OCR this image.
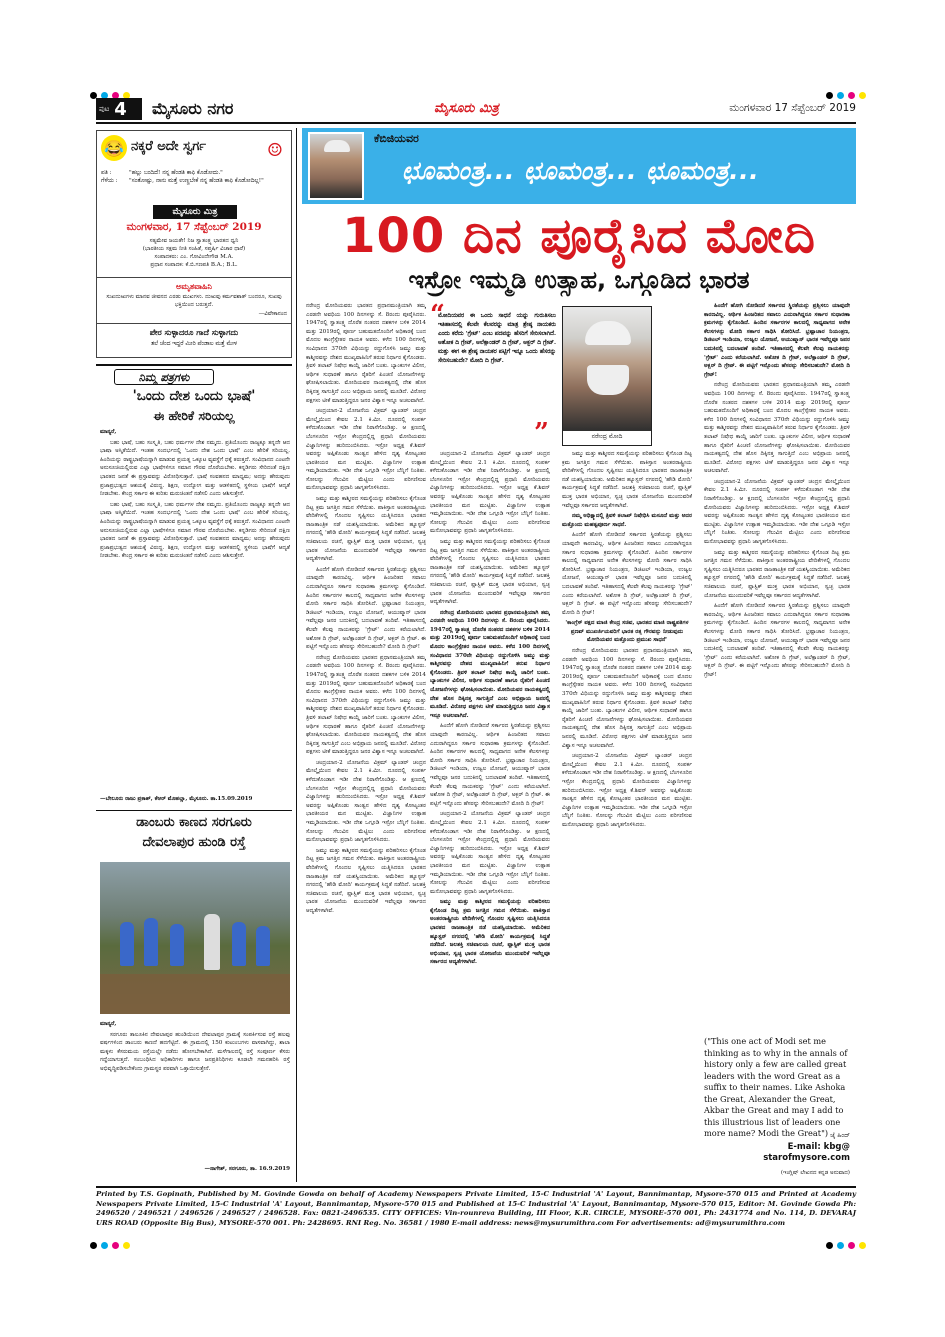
ಪುಟ 4 ಮೈಸೂರು ನಗರ	ಮೈಸೂರು ಮಿತ್ರ	ಮಂಗಳವಾರ 17 ಸೆಪ್ಟೆಂಬರ್ 2019
😂 ನಕ್ಕರೆ ಅದೇ ಸ್ವರ್ಗ	☺
ಪತಿ :	"ಹಲ್ಲು ಬಂದಿದೆ! ನನ್ನ ಹೆಂಡತಿ ಕಾಫಿ ಕೊಡೋದು."
ಗೆಳೆಯ :	"ಸಂತೋಷ್ಟು, ನಾನು ಮತ್ತೆ ಉಣ್ಣಬೇಕೆ ನನ್ನ ಹೆಂಡತಿ ಕಾಫಿ ಕೊಡೋದಿಲ್ಲ!"
ಮೈಸೂರು ಮಿತ್ರ
ಮಂಗಳವಾರ, 17 ಸೆಪ್ಟೆಂಬರ್ 2019
ಸತ್ಯಮೇವ ಜಯತೇ! ನಿಜ ಸ್ವಾತಂತ್ರ್ಯ ಭಾರತದ ಧ್ವನಿ
(ಭಾರತೀಯ ಸಕ್ಷಮ ನೀತಿ ಸಂಹಿತೆ, ಸಪ್ತರ್ಷಿ ವಿಚಾರ ಧಾರೆ)
ಸಂಪಾದಕರು: ಎಂ. ಗೋವಿಂದೇಗೌಡ M.A.
ಪ್ರಧಾನ ಸಂಪಾದಕ: ಕೆ.ಬಿ.ಗಣಪತಿ B.A.; B.L.
ಅಮೃತವಾಹಿನಿ
ಸುಖದುಃಖಗಳು ಮಾನವ ಜೀವನದ ಎರಡು ಮುಖಗಳು. ದುಃಖವು ಕರ್ಮವಶಾತ್ ಬಂದರೂ, ಸುಖವು ಭಕ್ತಿಯಿಂದ ಬರುತ್ತದೆ.
—ವಿವೇಕಾನಂದ
ಪೇರ ಸುಳ್ಳಾದರೂ ಗಾದೆ ಸುಳ್ಳಾಗದು
ತಲೆ ಚೆಂದ ಇದ್ದರೆ ಮೀರಿ ಪೆಂಡಾಲ ಮತ್ತೆ ಮೇಳ
ನಿಮ್ಮ ಪತ್ರಗಳು
'ಒಂದು ದೇಶ ಒಂದು ಭಾಷೆ'
ಈ ಹೇರಿಕೆ ಸರಿಯಲ್ಲ

ಮಾನ್ಯರೆ,

ಬಹು ಭಾಷೆ, ಬಹು ಸಂಸ್ಕೃತಿ, ಬಹು ಧರ್ಮಗಳ ದೇಶ ನಮ್ಮದು. ಪ್ರತಿಯೊಂದು ರಾಜ್ಯಕ್ಕೂ ತನ್ನದೇ ಆದ ಭಾಷಾ ಅಸ್ಮಿತೆಯಿದೆ. ಇಂತಹ ಸಂದರ್ಭದಲ್ಲಿ 'ಒಂದು ದೇಶ ಒಂದು ಭಾಷೆ' ಎಂಬ ಹೇರಿಕೆ ಸರಿಯಲ್ಲ. ಹಿಂದಿಯನ್ನು ರಾಷ್ಟ್ರಭಾಷೆಯನ್ನಾಗಿ ಮಾಡುವ ಪ್ರಯತ್ನ ಒಕ್ಕೂಟ ವ್ಯವಸ್ಥೆಗೆ ಧಕ್ಕೆ ತರುತ್ತದೆ. ಸಂವಿಧಾನದ ಎಂಟನೇ ಅನುಸೂಚಿಯಲ್ಲಿರುವ ಎಲ್ಲಾ ಭಾಷೆಗಳಿಗೂ ಸಮಾನ ಗೌರವ ದೊರೆಯಬೇಕು. ಕನ್ನಡಿಗರು ಸೇರಿದಂತೆ ದಕ್ಷಿಣ ಭಾರತದ ಜನತೆ ಈ ಪ್ರಸ್ತಾವವನ್ನು ವಿರೋಧಿಸುತ್ತಾರೆ. ಭಾಷೆ ಸಂವಹನದ ಮಾಧ್ಯಮ; ಅದನ್ನು ಹೇರುವುದು ಪ್ರಜಾಪ್ರಭುತ್ವದ ಆಶಯಕ್ಕೆ ವಿರುದ್ಧ. ಶಿಕ್ಷಣ, ಉದ್ಯೋಗ ಮತ್ತು ಆಡಳಿತದಲ್ಲಿ ಸ್ಥಳೀಯ ಭಾಷೆಗೆ ಆದ್ಯತೆ ನೀಡಬೇಕು. ಕೇಂದ್ರ ಸರ್ಕಾರ ಈ ಕುರಿತು ಮರುಚಿಂತನೆ ನಡೆಸಲಿ ಎಂದು ಆಶಿಸುತ್ತೇನೆ.

ಬಹು ಭಾಷೆ, ಬಹು ಸಂಸ್ಕೃತಿ, ಬಹು ಧರ್ಮಗಳ ದೇಶ ನಮ್ಮದು. ಪ್ರತಿಯೊಂದು ರಾಜ್ಯಕ್ಕೂ ತನ್ನದೇ ಆದ ಭಾಷಾ ಅಸ್ಮಿತೆಯಿದೆ. ಇಂತಹ ಸಂದರ್ಭದಲ್ಲಿ 'ಒಂದು ದೇಶ ಒಂದು ಭಾಷೆ' ಎಂಬ ಹೇರಿಕೆ ಸರಿಯಲ್ಲ. ಹಿಂದಿಯನ್ನು ರಾಷ್ಟ್ರಭಾಷೆಯನ್ನಾಗಿ ಮಾಡುವ ಪ್ರಯತ್ನ ಒಕ್ಕೂಟ ವ್ಯವಸ್ಥೆಗೆ ಧಕ್ಕೆ ತರುತ್ತದೆ. ಸಂವಿಧಾನದ ಎಂಟನೇ ಅನುಸೂಚಿಯಲ್ಲಿರುವ ಎಲ್ಲಾ ಭಾಷೆಗಳಿಗೂ ಸಮಾನ ಗೌರವ ದೊರೆಯಬೇಕು. ಕನ್ನಡಿಗರು ಸೇರಿದಂತೆ ದಕ್ಷಿಣ ಭಾರತದ ಜನತೆ ಈ ಪ್ರಸ್ತಾವವನ್ನು ವಿರೋಧಿಸುತ್ತಾರೆ. ಭಾಷೆ ಸಂವಹನದ ಮಾಧ್ಯಮ; ಅದನ್ನು ಹೇರುವುದು ಪ್ರಜಾಪ್ರಭುತ್ವದ ಆಶಯಕ್ಕೆ ವಿರುದ್ಧ. ಶಿಕ್ಷಣ, ಉದ್ಯೋಗ ಮತ್ತು ಆಡಳಿತದಲ್ಲಿ ಸ್ಥಳೀಯ ಭಾಷೆಗೆ ಆದ್ಯತೆ ನೀಡಬೇಕು. ಕೇಂದ್ರ ಸರ್ಕಾರ ಈ ಕುರಿತು ಮರುಚಿಂತನೆ ನಡೆಸಲಿ ಎಂದು ಆಶಿಸುತ್ತೇನೆ.

—ಬೇಲೂರು ರಾಜು ಪ್ರಕಾಶ್, ಕೆಆರ್ ಮೊಹಲ್ಲಾ, ಮೈಸೂರು. ತಾ.15.09.2019
ಡಾಂಬರು ಕಾಣದ ಸರಗೂರು
ದೇವಲಾಪುರ ಹುಂಡಿ ರಸ್ತೆ

ಮಾನ್ಯರೆ,

ಸರಗೂರು ತಾಲೂಕಿನ ದೇವಲಾಪುರ ಹುಂಡಿಯಿಂದ ದೇವಲಾಪುರ ಗ್ರಾಮಕ್ಕೆ ಸಂಪರ್ಕಿಸುವ ರಸ್ತೆ ಹಲವು ವರ್ಷಗಳಿಂದ ಡಾಂಬರು ಕಾಣದೆ ಹದಗೆಟ್ಟಿದೆ. ಈ ಗ್ರಾಮದಲ್ಲಿ 150 ಕುಟುಂಬಗಳು ವಾಸವಾಗಿದ್ದು, ಶಾಲಾ ಮಕ್ಕಳು ಕೆಸರುಮಯ ರಸ್ತೆಯಲ್ಲೇ ನಡೆದು ಹೋಗಬೇಕಾಗಿದೆ. ಮಳೆಗಾಲದಲ್ಲಿ ರಸ್ತೆ ಸಂಪೂರ್ಣ ಕೆಸರು ಗದ್ದೆಯಾಗುತ್ತದೆ. ಸಂಬಂಧಿಸಿದ ಅಧಿಕಾರಿಗಳು ಹಾಗೂ ಜನಪ್ರತಿನಿಧಿಗಳು ಕೂಡಲೇ ಗಮನಹರಿಸಿ ರಸ್ತೆ ಅಭಿವೃದ್ಧಿಪಡಿಸಬೇಕೆಂದು ಗ್ರಾಮಸ್ಥರ ಪರವಾಗಿ ಒತ್ತಾಯಿಸುತ್ತೇನೆ.

—ನಾಗೇಶ್, ಸರಗೂರು, ತಾ. 16.9.2019
ಕೆಬಿಜಿಯವರ
ಛೂಮಂತ್ರ... ಛೂಮಂತ್ರ... ಛೂಮಂತ್ರ...
100 ದಿನ ಪೂರೈಸಿದ ಮೋದಿ
ಇಸ್ರೋ ಇಮ್ಮಡಿ ಉತ್ಸಾಹ, ಒಗ್ಗೂಡಿದ ಭಾರತ

ನರೇಂದ್ರ ಮೋದಿಯವರು ಭಾರತದ ಪ್ರಧಾನಮಂತ್ರಿಯಾಗಿ ತಮ್ಮ ಎರಡನೇ ಅವಧಿಯ 100 ದಿನಗಳನ್ನು ಸೆ. 8ರಂದು ಪೂರೈಸಿದರು. 1947ರಲ್ಲಿ ಸ್ವಾತಂತ್ರ್ಯ ದೊರೆತ ನಂತರದ ದಶಕಗಳ ಬಳಿಕ 2014 ಮತ್ತು 2019ರಲ್ಲಿ ಪೂರ್ಣ ಬಹುಮತದೊಂದಿಗೆ ಅಧಿಕಾರಕ್ಕೆ ಬಂದ ಮೊದಲ ಕಾಂಗ್ರೆಸ್ಸೇತರ ನಾಯಕ ಅವರು. ಕಳೆದ 100 ದಿನಗಳಲ್ಲಿ ಸಂವಿಧಾನದ 370ನೇ ವಿಧಿಯನ್ನು ರದ್ದುಗೊಳಿಸಿ ಜಮ್ಮು ಮತ್ತು ಕಾಶ್ಮೀರವನ್ನು ದೇಶದ ಮುಖ್ಯವಾಹಿನಿಗೆ ತರುವ ನಿರ್ಧಾರ ಕೈಗೊಂಡರು. ತ್ರಿವಳಿ ತಲಾಖ್ ನಿಷೇಧ ಕಾಯ್ದೆ ಜಾರಿಗೆ ಬಂತು. ಬ್ಯಾಂಕುಗಳ ವಿಲೀನ, ಆರ್ಥಿಕ ಸುಧಾರಣೆ ಹಾಗೂ ರೈತರಿಗೆ ಪಿಂಚಣಿ ಯೋಜನೆಗಳನ್ನು ಘೋಷಿಸಲಾಯಿತು. ಮೋದಿಯವರ ನಾಯಕತ್ವದಲ್ಲಿ ದೇಶ ಹೊಸ ದಿಕ್ಕಿನತ್ತ ಸಾಗುತ್ತಿದೆ ಎಂಬ ಅಭಿಪ್ರಾಯ ಜನರಲ್ಲಿ ಮೂಡಿದೆ. ವಿರೋಧ ಪಕ್ಷಗಳು ಟೀಕೆ ಮಾಡುತ್ತಿದ್ದರೂ ಜನರ ವಿಶ್ವಾಸ ಇನ್ನೂ ಅಚಲವಾಗಿದೆ.

ಚಂದ್ರಯಾನ-2 ಯೋಜನೆಯ ವಿಕ್ರಮ್ ಲ್ಯಾಂಡರ್ ಚಂದ್ರನ ಮೇಲ್ಮೈಯಿಂದ ಕೇವಲ 2.1 ಕಿ.ಮೀ. ದೂರದಲ್ಲಿ ಸಂಪರ್ಕ ಕಳೆದುಕೊಂಡಾಗ ಇಡೀ ದೇಶ ನಿರಾಸೆಗೊಂಡಿತ್ತು. ಆ ಕ್ಷಣದಲ್ಲಿ ಬೆಂಗಳೂರಿನ ಇಸ್ರೋ ಕೇಂದ್ರದಲ್ಲಿದ್ದ ಪ್ರಧಾನಿ ಮೋದಿಯವರು ವಿಜ್ಞಾನಿಗಳನ್ನು ಹುರಿದುಂಬಿಸಿದರು. ಇಸ್ರೋ ಅಧ್ಯಕ್ಷ ಕೆ.ಶಿವನ್ ಅವರನ್ನು ಅಪ್ಪಿಕೊಂಡು ಸಾಂತ್ವನ ಹೇಳಿದ ದೃಶ್ಯ ಕೋಟ್ಯಂತರ ಭಾರತೀಯರ ಮನ ಮುಟ್ಟಿತು. ವಿಜ್ಞಾನಿಗಳ ಉತ್ಸಾಹ ಇಮ್ಮಡಿಯಾಯಿತು. ಇಡೀ ದೇಶ ಒಗ್ಗೂಡಿ ಇಸ್ರೋ ಬೆನ್ನಿಗೆ ನಿಂತಿತು. ಸೋಲನ್ನು ಗೆಲುವಿನ ಮೆಟ್ಟಿಲು ಎಂದು ಪರಿಗಣಿಸುವ ಮನೋಭಾವವನ್ನು ಪ್ರಧಾನಿ ಜಾಗೃತಗೊಳಿಸಿದರು.

ಜಮ್ಮು ಮತ್ತು ಕಾಶ್ಮೀರದ ಸಮಸ್ಯೆಯನ್ನು ಪರಿಹರಿಸಲು ಕೈಗೊಂಡ ದಿಟ್ಟ ಕ್ರಮ ಜಗತ್ತಿನ ಗಮನ ಸೆಳೆಯಿತು. ಪಾಕಿಸ್ತಾನ ಅಂತರರಾಷ್ಟ್ರೀಯ ವೇದಿಕೆಗಳಲ್ಲಿ ಗೊಂದಲ ಸೃಷ್ಟಿಸಲು ಯತ್ನಿಸಿದರೂ ಭಾರತದ ರಾಜತಾಂತ್ರಿಕ ನಡೆ ಯಶಸ್ವಿಯಾಯಿತು. ಅಮೆರಿಕದ ಹ್ಯೂಸ್ಟನ್ ನಗರದಲ್ಲಿ 'ಹೌಡಿ ಮೋದಿ' ಕಾರ್ಯಕ್ರಮಕ್ಕೆ ಸಿದ್ಧತೆ ನಡೆದಿದೆ. ಜಲಶಕ್ತಿ ಸಚಿವಾಲಯ ರಚನೆ, ಪ್ಲಾಸ್ಟಿಕ್ ಮುಕ್ತ ಭಾರತ ಅಭಿಯಾನ, ಸ್ವಚ್ಛ ಭಾರತ ಯೋಜನೆಯ ಮುಂದುವರಿಕೆ ಇವೆಲ್ಲವೂ ಸರ್ಕಾರದ ಆದ್ಯತೆಗಳಾಗಿವೆ.

ಹಿಂದೆಗೆ ಹೋಗಿ ನೋಡಿದರೆ ಸರ್ಕಾರದ ಸ್ಥಿರತೆಯನ್ನು ಪ್ರಶ್ನಿಸಲು ಯಾವುದೇ ಕಾರಣವಿಲ್ಲ. ಆರ್ಥಿಕ ಹಿಂಜರಿತದ ಸವಾಲು ಎದುರಾಗಿದ್ದರೂ ಸರ್ಕಾರ ಸುಧಾರಣಾ ಕ್ರಮಗಳನ್ನು ಕೈಗೊಂಡಿದೆ. ಹಿಂದಿನ ಸರ್ಕಾರಗಳ ಕಾಲದಲ್ಲಿ ಸಾಧ್ಯವಾಗದ ಅನೇಕ ಕೆಲಸಗಳನ್ನು ಮೋದಿ ಸರ್ಕಾರ ಸಾಧಿಸಿ ತೋರಿಸಿದೆ. ಭ್ರಷ್ಟಾಚಾರ ನಿಯಂತ್ರಣ, ಡಿಜಿಟಲ್ ಇಂಡಿಯಾ, ಉಜ್ವಲ ಯೋಜನೆ, ಆಯುಷ್ಮಾನ್ ಭಾರತ ಇವೆಲ್ಲವೂ ಜನರ ಬದುಕಿನಲ್ಲಿ ಬದಲಾವಣೆ ತಂದಿವೆ. ಇತಿಹಾಸದಲ್ಲಿ ಕೆಲವೇ ಕೆಲವು ನಾಯಕರನ್ನು 'ಗ್ರೇಟ್' ಎಂದು ಕರೆಯಲಾಗಿದೆ. ಅಶೋಕ ದಿ ಗ್ರೇಟ್, ಅಲೆಕ್ಸಾಂಡರ್ ದಿ ಗ್ರೇಟ್, ಅಕ್ಬರ್ ದಿ ಗ್ರೇಟ್. ಈ ಪಟ್ಟಿಗೆ ಇನ್ನೊಂದು ಹೆಸರನ್ನು ಸೇರಿಸಬಹುದೇ? ಮೋದಿ ದಿ ಗ್ರೇಟ್!

ನರೇಂದ್ರ ಮೋದಿಯವರು ಭಾರತದ ಪ್ರಧಾನಮಂತ್ರಿಯಾಗಿ ತಮ್ಮ ಎರಡನೇ ಅವಧಿಯ 100 ದಿನಗಳನ್ನು ಸೆ. 8ರಂದು ಪೂರೈಸಿದರು. 1947ರಲ್ಲಿ ಸ್ವಾತಂತ್ರ್ಯ ದೊರೆತ ನಂತರದ ದಶಕಗಳ ಬಳಿಕ 2014 ಮತ್ತು 2019ರಲ್ಲಿ ಪೂರ್ಣ ಬಹುಮತದೊಂದಿಗೆ ಅಧಿಕಾರಕ್ಕೆ ಬಂದ ಮೊದಲ ಕಾಂಗ್ರೆಸ್ಸೇತರ ನಾಯಕ ಅವರು. ಕಳೆದ 100 ದಿನಗಳಲ್ಲಿ ಸಂವಿಧಾನದ 370ನೇ ವಿಧಿಯನ್ನು ರದ್ದುಗೊಳಿಸಿ ಜಮ್ಮು ಮತ್ತು ಕಾಶ್ಮೀರವನ್ನು ದೇಶದ ಮುಖ್ಯವಾಹಿನಿಗೆ ತರುವ ನಿರ್ಧಾರ ಕೈಗೊಂಡರು. ತ್ರಿವಳಿ ತಲಾಖ್ ನಿಷೇಧ ಕಾಯ್ದೆ ಜಾರಿಗೆ ಬಂತು. ಬ್ಯಾಂಕುಗಳ ವಿಲೀನ, ಆರ್ಥಿಕ ಸುಧಾರಣೆ ಹಾಗೂ ರೈತರಿಗೆ ಪಿಂಚಣಿ ಯೋಜನೆಗಳನ್ನು ಘೋಷಿಸಲಾಯಿತು. ಮೋದಿಯವರ ನಾಯಕತ್ವದಲ್ಲಿ ದೇಶ ಹೊಸ ದಿಕ್ಕಿನತ್ತ ಸಾಗುತ್ತಿದೆ ಎಂಬ ಅಭಿಪ್ರಾಯ ಜನರಲ್ಲಿ ಮೂಡಿದೆ. ವಿರೋಧ ಪಕ್ಷಗಳು ಟೀಕೆ ಮಾಡುತ್ತಿದ್ದರೂ ಜನರ ವಿಶ್ವಾಸ ಇನ್ನೂ ಅಚಲವಾಗಿದೆ.

ಚಂದ್ರಯಾನ-2 ಯೋಜನೆಯ ವಿಕ್ರಮ್ ಲ್ಯಾಂಡರ್ ಚಂದ್ರನ ಮೇಲ್ಮೈಯಿಂದ ಕೇವಲ 2.1 ಕಿ.ಮೀ. ದೂರದಲ್ಲಿ ಸಂಪರ್ಕ ಕಳೆದುಕೊಂಡಾಗ ಇಡೀ ದೇಶ ನಿರಾಸೆಗೊಂಡಿತ್ತು. ಆ ಕ್ಷಣದಲ್ಲಿ ಬೆಂಗಳೂರಿನ ಇಸ್ರೋ ಕೇಂದ್ರದಲ್ಲಿದ್ದ ಪ್ರಧಾನಿ ಮೋದಿಯವರು ವಿಜ್ಞಾನಿಗಳನ್ನು ಹುರಿದುಂಬಿಸಿದರು. ಇಸ್ರೋ ಅಧ್ಯಕ್ಷ ಕೆ.ಶಿವನ್ ಅವರನ್ನು ಅಪ್ಪಿಕೊಂಡು ಸಾಂತ್ವನ ಹೇಳಿದ ದೃಶ್ಯ ಕೋಟ್ಯಂತರ ಭಾರತೀಯರ ಮನ ಮುಟ್ಟಿತು. ವಿಜ್ಞಾನಿಗಳ ಉತ್ಸಾಹ ಇಮ್ಮಡಿಯಾಯಿತು. ಇಡೀ ದೇಶ ಒಗ್ಗೂಡಿ ಇಸ್ರೋ ಬೆನ್ನಿಗೆ ನಿಂತಿತು. ಸೋಲನ್ನು ಗೆಲುವಿನ ಮೆಟ್ಟಿಲು ಎಂದು ಪರಿಗಣಿಸುವ ಮನೋಭಾವವನ್ನು ಪ್ರಧಾನಿ ಜಾಗೃತಗೊಳಿಸಿದರು.

ಜಮ್ಮು ಮತ್ತು ಕಾಶ್ಮೀರದ ಸಮಸ್ಯೆಯನ್ನು ಪರಿಹರಿಸಲು ಕೈಗೊಂಡ ದಿಟ್ಟ ಕ್ರಮ ಜಗತ್ತಿನ ಗಮನ ಸೆಳೆಯಿತು. ಪಾಕಿಸ್ತಾನ ಅಂತರರಾಷ್ಟ್ರೀಯ ವೇದಿಕೆಗಳಲ್ಲಿ ಗೊಂದಲ ಸೃಷ್ಟಿಸಲು ಯತ್ನಿಸಿದರೂ ಭಾರತದ ರಾಜತಾಂತ್ರಿಕ ನಡೆ ಯಶಸ್ವಿಯಾಯಿತು. ಅಮೆರಿಕದ ಹ್ಯೂಸ್ಟನ್ ನಗರದಲ್ಲಿ 'ಹೌಡಿ ಮೋದಿ' ಕಾರ್ಯಕ್ರಮಕ್ಕೆ ಸಿದ್ಧತೆ ನಡೆದಿದೆ. ಜಲಶಕ್ತಿ ಸಚಿವಾಲಯ ರಚನೆ, ಪ್ಲಾಸ್ಟಿಕ್ ಮುಕ್ತ ಭಾರತ ಅಭಿಯಾನ, ಸ್ವಚ್ಛ ಭಾರತ ಯೋಜನೆಯ ಮುಂದುವರಿಕೆ ಇವೆಲ್ಲವೂ ಸರ್ಕಾರದ ಆದ್ಯತೆಗಳಾಗಿವೆ.

“
ಮೋದಿಯವರ ಈ ಒಂದು ಸಾಧನೆ ಯನ್ನು ಗುರುತಿಸಲು ಇತಿಹಾಸದಲ್ಲಿ ಕೆಲವೇ ಕೆಲವರನ್ನು ಮಾತ್ರ ಶ್ರೇಷ್ಠ ನಾಯಕರು ಎಂದು ಕರೆದು 'ಗ್ರೇಟ್' ಎಂಬ ಪದವನ್ನು ಹೆಸರಿಗೆ ಸೇರಿಸಲಾಗಿದೆ. ಅಶೋಕ ದಿ ಗ್ರೇಟ್, ಅಲೆಕ್ಸಾಂಡರ್ ದಿ ಗ್ರೇಟ್, ಅಕ್ಬರ್ ದಿ ಗ್ರೇಟ್. ಮತ್ತು ಈಗ ಈ ಶ್ರೇಷ್ಠ ನಾಯಕರ ಪಟ್ಟಿಗೆ ಇನ್ನೂ ಒಂದು ಹೆಸರನ್ನು ಸೇರಿಸಬಹುದೇ? ಮೋದಿ ದಿ ಗ್ರೇಟ್.
”	ನರೇಂದ್ರ ಮೋದಿ

ಚಂದ್ರಯಾನ-2 ಯೋಜನೆಯ ವಿಕ್ರಮ್ ಲ್ಯಾಂಡರ್ ಚಂದ್ರನ ಮೇಲ್ಮೈಯಿಂದ ಕೇವಲ 2.1 ಕಿ.ಮೀ. ದೂರದಲ್ಲಿ ಸಂಪರ್ಕ ಕಳೆದುಕೊಂಡಾಗ ಇಡೀ ದೇಶ ನಿರಾಸೆಗೊಂಡಿತ್ತು. ಆ ಕ್ಷಣದಲ್ಲಿ ಬೆಂಗಳೂರಿನ ಇಸ್ರೋ ಕೇಂದ್ರದಲ್ಲಿದ್ದ ಪ್ರಧಾನಿ ಮೋದಿಯವರು ವಿಜ್ಞಾನಿಗಳನ್ನು ಹುರಿದುಂಬಿಸಿದರು. ಇಸ್ರೋ ಅಧ್ಯಕ್ಷ ಕೆ.ಶಿವನ್ ಅವರನ್ನು ಅಪ್ಪಿಕೊಂಡು ಸಾಂತ್ವನ ಹೇಳಿದ ದೃಶ್ಯ ಕೋಟ್ಯಂತರ ಭಾರತೀಯರ ಮನ ಮುಟ್ಟಿತು. ವಿಜ್ಞಾನಿಗಳ ಉತ್ಸಾಹ ಇಮ್ಮಡಿಯಾಯಿತು. ಇಡೀ ದೇಶ ಒಗ್ಗೂಡಿ ಇಸ್ರೋ ಬೆನ್ನಿಗೆ ನಿಂತಿತು. ಸೋಲನ್ನು ಗೆಲುವಿನ ಮೆಟ್ಟಿಲು ಎಂದು ಪರಿಗಣಿಸುವ ಮನೋಭಾವವನ್ನು ಪ್ರಧಾನಿ ಜಾಗೃತಗೊಳಿಸಿದರು.

ಜಮ್ಮು ಮತ್ತು ಕಾಶ್ಮೀರದ ಸಮಸ್ಯೆಯನ್ನು ಪರಿಹರಿಸಲು ಕೈಗೊಂಡ ದಿಟ್ಟ ಕ್ರಮ ಜಗತ್ತಿನ ಗಮನ ಸೆಳೆಯಿತು. ಪಾಕಿಸ್ತಾನ ಅಂತರರಾಷ್ಟ್ರೀಯ ವೇದಿಕೆಗಳಲ್ಲಿ ಗೊಂದಲ ಸೃಷ್ಟಿಸಲು ಯತ್ನಿಸಿದರೂ ಭಾರತದ ರಾಜತಾಂತ್ರಿಕ ನಡೆ ಯಶಸ್ವಿಯಾಯಿತು. ಅಮೆರಿಕದ ಹ್ಯೂಸ್ಟನ್ ನಗರದಲ್ಲಿ 'ಹೌಡಿ ಮೋದಿ' ಕಾರ್ಯಕ್ರಮಕ್ಕೆ ಸಿದ್ಧತೆ ನಡೆದಿದೆ. ಜಲಶಕ್ತಿ ಸಚಿವಾಲಯ ರಚನೆ, ಪ್ಲಾಸ್ಟಿಕ್ ಮುಕ್ತ ಭಾರತ ಅಭಿಯಾನ, ಸ್ವಚ್ಛ ಭಾರತ ಯೋಜನೆಯ ಮುಂದುವರಿಕೆ ಇವೆಲ್ಲವೂ ಸರ್ಕಾರದ ಆದ್ಯತೆಗಳಾಗಿವೆ.

ನರೇಂದ್ರ ಮೋದಿಯವರು ಭಾರತದ ಪ್ರಧಾನಮಂತ್ರಿಯಾಗಿ ತಮ್ಮ ಎರಡನೇ ಅವಧಿಯ 100 ದಿನಗಳನ್ನು ಸೆ. 8ರಂದು ಪೂರೈಸಿದರು. 1947ರಲ್ಲಿ ಸ್ವಾತಂತ್ರ್ಯ ದೊರೆತ ನಂತರದ ದಶಕಗಳ ಬಳಿಕ 2014 ಮತ್ತು 2019ರಲ್ಲಿ ಪೂರ್ಣ ಬಹುಮತದೊಂದಿಗೆ ಅಧಿಕಾರಕ್ಕೆ ಬಂದ ಮೊದಲ ಕಾಂಗ್ರೆಸ್ಸೇತರ ನಾಯಕ ಅವರು. ಕಳೆದ 100 ದಿನಗಳಲ್ಲಿ ಸಂವಿಧಾನದ 370ನೇ ವಿಧಿಯನ್ನು ರದ್ದುಗೊಳಿಸಿ ಜಮ್ಮು ಮತ್ತು ಕಾಶ್ಮೀರವನ್ನು ದೇಶದ ಮುಖ್ಯವಾಹಿನಿಗೆ ತರುವ ನಿರ್ಧಾರ ಕೈಗೊಂಡರು. ತ್ರಿವಳಿ ತಲಾಖ್ ನಿಷೇಧ ಕಾಯ್ದೆ ಜಾರಿಗೆ ಬಂತು. ಬ್ಯಾಂಕುಗಳ ವಿಲೀನ, ಆರ್ಥಿಕ ಸುಧಾರಣೆ ಹಾಗೂ ರೈತರಿಗೆ ಪಿಂಚಣಿ ಯೋಜನೆಗಳನ್ನು ಘೋಷಿಸಲಾಯಿತು. ಮೋದಿಯವರ ನಾಯಕತ್ವದಲ್ಲಿ ದೇಶ ಹೊಸ ದಿಕ್ಕಿನತ್ತ ಸಾಗುತ್ತಿದೆ ಎಂಬ ಅಭಿಪ್ರಾಯ ಜನರಲ್ಲಿ ಮೂಡಿದೆ. ವಿರೋಧ ಪಕ್ಷಗಳು ಟೀಕೆ ಮಾಡುತ್ತಿದ್ದರೂ ಜನರ ವಿಶ್ವಾಸ ಇನ್ನೂ ಅಚಲವಾಗಿದೆ.

ಹಿಂದೆಗೆ ಹೋಗಿ ನೋಡಿದರೆ ಸರ್ಕಾರದ ಸ್ಥಿರತೆಯನ್ನು ಪ್ರಶ್ನಿಸಲು ಯಾವುದೇ ಕಾರಣವಿಲ್ಲ. ಆರ್ಥಿಕ ಹಿಂಜರಿತದ ಸವಾಲು ಎದುರಾಗಿದ್ದರೂ ಸರ್ಕಾರ ಸುಧಾರಣಾ ಕ್ರಮಗಳನ್ನು ಕೈಗೊಂಡಿದೆ. ಹಿಂದಿನ ಸರ್ಕಾರಗಳ ಕಾಲದಲ್ಲಿ ಸಾಧ್ಯವಾಗದ ಅನೇಕ ಕೆಲಸಗಳನ್ನು ಮೋದಿ ಸರ್ಕಾರ ಸಾಧಿಸಿ ತೋರಿಸಿದೆ. ಭ್ರಷ್ಟಾಚಾರ ನಿಯಂತ್ರಣ, ಡಿಜಿಟಲ್ ಇಂಡಿಯಾ, ಉಜ್ವಲ ಯೋಜನೆ, ಆಯುಷ್ಮಾನ್ ಭಾರತ ಇವೆಲ್ಲವೂ ಜನರ ಬದುಕಿನಲ್ಲಿ ಬದಲಾವಣೆ ತಂದಿವೆ. ಇತಿಹಾಸದಲ್ಲಿ ಕೆಲವೇ ಕೆಲವು ನಾಯಕರನ್ನು 'ಗ್ರೇಟ್' ಎಂದು ಕರೆಯಲಾಗಿದೆ. ಅಶೋಕ ದಿ ಗ್ರೇಟ್, ಅಲೆಕ್ಸಾಂಡರ್ ದಿ ಗ್ರೇಟ್, ಅಕ್ಬರ್ ದಿ ಗ್ರೇಟ್. ಈ ಪಟ್ಟಿಗೆ ಇನ್ನೊಂದು ಹೆಸರನ್ನು ಸೇರಿಸಬಹುದೇ? ಮೋದಿ ದಿ ಗ್ರೇಟ್!

ಚಂದ್ರಯಾನ-2 ಯೋಜನೆಯ ವಿಕ್ರಮ್ ಲ್ಯಾಂಡರ್ ಚಂದ್ರನ ಮೇಲ್ಮೈಯಿಂದ ಕೇವಲ 2.1 ಕಿ.ಮೀ. ದೂರದಲ್ಲಿ ಸಂಪರ್ಕ ಕಳೆದುಕೊಂಡಾಗ ಇಡೀ ದೇಶ ನಿರಾಸೆಗೊಂಡಿತ್ತು. ಆ ಕ್ಷಣದಲ್ಲಿ ಬೆಂಗಳೂರಿನ ಇಸ್ರೋ ಕೇಂದ್ರದಲ್ಲಿದ್ದ ಪ್ರಧಾನಿ ಮೋದಿಯವರು ವಿಜ್ಞಾನಿಗಳನ್ನು ಹುರಿದುಂಬಿಸಿದರು. ಇಸ್ರೋ ಅಧ್ಯಕ್ಷ ಕೆ.ಶಿವನ್ ಅವರನ್ನು ಅಪ್ಪಿಕೊಂಡು ಸಾಂತ್ವನ ಹೇಳಿದ ದೃಶ್ಯ ಕೋಟ್ಯಂತರ ಭಾರತೀಯರ ಮನ ಮುಟ್ಟಿತು. ವಿಜ್ಞಾನಿಗಳ ಉತ್ಸಾಹ ಇಮ್ಮಡಿಯಾಯಿತು. ಇಡೀ ದೇಶ ಒಗ್ಗೂಡಿ ಇಸ್ರೋ ಬೆನ್ನಿಗೆ ನಿಂತಿತು. ಸೋಲನ್ನು ಗೆಲುವಿನ ಮೆಟ್ಟಿಲು ಎಂದು ಪರಿಗಣಿಸುವ ಮನೋಭಾವವನ್ನು ಪ್ರಧಾನಿ ಜಾಗೃತಗೊಳಿಸಿದರು.

ಜಮ್ಮು ಮತ್ತು ಕಾಶ್ಮೀರದ ಸಮಸ್ಯೆಯನ್ನು ಪರಿಹರಿಸಲು ಕೈಗೊಂಡ ದಿಟ್ಟ ಕ್ರಮ ಜಗತ್ತಿನ ಗಮನ ಸೆಳೆಯಿತು. ಪಾಕಿಸ್ತಾನ ಅಂತರರಾಷ್ಟ್ರೀಯ ವೇದಿಕೆಗಳಲ್ಲಿ ಗೊಂದಲ ಸೃಷ್ಟಿಸಲು ಯತ್ನಿಸಿದರೂ ಭಾರತದ ರಾಜತಾಂತ್ರಿಕ ನಡೆ ಯಶಸ್ವಿಯಾಯಿತು. ಅಮೆರಿಕದ ಹ್ಯೂಸ್ಟನ್ ನಗರದಲ್ಲಿ 'ಹೌಡಿ ಮೋದಿ' ಕಾರ್ಯಕ್ರಮಕ್ಕೆ ಸಿದ್ಧತೆ ನಡೆದಿದೆ. ಜಲಶಕ್ತಿ ಸಚಿವಾಲಯ ರಚನೆ, ಪ್ಲಾಸ್ಟಿಕ್ ಮುಕ್ತ ಭಾರತ ಅಭಿಯಾನ, ಸ್ವಚ್ಛ ಭಾರತ ಯೋಜನೆಯ ಮುಂದುವರಿಕೆ ಇವೆಲ್ಲವೂ ಸರ್ಕಾರದ ಆದ್ಯತೆಗಳಾಗಿವೆ.

ಜಮ್ಮು ಮತ್ತು ಕಾಶ್ಮೀರದ ಸಮಸ್ಯೆಯನ್ನು ಪರಿಹರಿಸಲು ಕೈಗೊಂಡ ದಿಟ್ಟ ಕ್ರಮ ಜಗತ್ತಿನ ಗಮನ ಸೆಳೆಯಿತು. ಪಾಕಿಸ್ತಾನ ಅಂತರರಾಷ್ಟ್ರೀಯ ವೇದಿಕೆಗಳಲ್ಲಿ ಗೊಂದಲ ಸೃಷ್ಟಿಸಲು ಯತ್ನಿಸಿದರೂ ಭಾರತದ ರಾಜತಾಂತ್ರಿಕ ನಡೆ ಯಶಸ್ವಿಯಾಯಿತು. ಅಮೆರಿಕದ ಹ್ಯೂಸ್ಟನ್ ನಗರದಲ್ಲಿ 'ಹೌಡಿ ಮೋದಿ' ಕಾರ್ಯಕ್ರಮಕ್ಕೆ ಸಿದ್ಧತೆ ನಡೆದಿದೆ. ಜಲಶಕ್ತಿ ಸಚಿವಾಲಯ ರಚನೆ, ಪ್ಲಾಸ್ಟಿಕ್ ಮುಕ್ತ ಭಾರತ ಅಭಿಯಾನ, ಸ್ವಚ್ಛ ಭಾರತ ಯೋಜನೆಯ ಮುಂದುವರಿಕೆ ಇವೆಲ್ಲವೂ ಸರ್ಕಾರದ ಆದ್ಯತೆಗಳಾಗಿವೆ.

ನಮ್ಮ ಅಧಿಕ್ಷ್ಯಾದಲ್ಲಿ ತ್ರಿವಳಿ ತಲಾಖ್ ನಿಷೇಧಿಸಿ ಮಸೂದೆ ಮತ್ತು ಅದರ ಮತ್ತೊಂದು ಮಹತ್ವಪೂರ್ಣ ಸಾಧನೆ.

ಹಿಂದೆಗೆ ಹೋಗಿ ನೋಡಿದರೆ ಸರ್ಕಾರದ ಸ್ಥಿರತೆಯನ್ನು ಪ್ರಶ್ನಿಸಲು ಯಾವುದೇ ಕಾರಣವಿಲ್ಲ. ಆರ್ಥಿಕ ಹಿಂಜರಿತದ ಸವಾಲು ಎದುರಾಗಿದ್ದರೂ ಸರ್ಕಾರ ಸುಧಾರಣಾ ಕ್ರಮಗಳನ್ನು ಕೈಗೊಂಡಿದೆ. ಹಿಂದಿನ ಸರ್ಕಾರಗಳ ಕಾಲದಲ್ಲಿ ಸಾಧ್ಯವಾಗದ ಅನೇಕ ಕೆಲಸಗಳನ್ನು ಮೋದಿ ಸರ್ಕಾರ ಸಾಧಿಸಿ ತೋರಿಸಿದೆ. ಭ್ರಷ್ಟಾಚಾರ ನಿಯಂತ್ರಣ, ಡಿಜಿಟಲ್ ಇಂಡಿಯಾ, ಉಜ್ವಲ ಯೋಜನೆ, ಆಯುಷ್ಮಾನ್ ಭಾರತ ಇವೆಲ್ಲವೂ ಜನರ ಬದುಕಿನಲ್ಲಿ ಬದಲಾವಣೆ ತಂದಿವೆ. ಇತಿಹಾಸದಲ್ಲಿ ಕೆಲವೇ ಕೆಲವು ನಾಯಕರನ್ನು 'ಗ್ರೇಟ್' ಎಂದು ಕರೆಯಲಾಗಿದೆ. ಅಶೋಕ ದಿ ಗ್ರೇಟ್, ಅಲೆಕ್ಸಾಂಡರ್ ದಿ ಗ್ರೇಟ್, ಅಕ್ಬರ್ ದಿ ಗ್ರೇಟ್. ಈ ಪಟ್ಟಿಗೆ ಇನ್ನೊಂದು ಹೆಸರನ್ನು ಸೇರಿಸಬಹುದೇ? ಮೋದಿ ದಿ ಗ್ರೇಟ್!

'ಕಾಂಗ್ರೆಸ್ ಪಕ್ಷದ ಮಾಜಿ ಕೇಂದ್ರ ಸಚಿವ, ಭಾರತದ ಮಾಜಿ ರಾಷ್ಟ್ರಪತಿಗಳ ಪ್ರಣವ್ ಮುಖರ್ಜಿಯವರಿಗೆ ಭಾರತ ರತ್ನ ಗೌರವನ್ನು ನೀಡುವುದು ಮೋದಿಯವರ ಮತ್ತೊಂದು ಪ್ರಮುಖ ಸಾಧನೆ'

ನರೇಂದ್ರ ಮೋದಿಯವರು ಭಾರತದ ಪ್ರಧಾನಮಂತ್ರಿಯಾಗಿ ತಮ್ಮ ಎರಡನೇ ಅವಧಿಯ 100 ದಿನಗಳನ್ನು ಸೆ. 8ರಂದು ಪೂರೈಸಿದರು. 1947ರಲ್ಲಿ ಸ್ವಾತಂತ್ರ್ಯ ದೊರೆತ ನಂತರದ ದಶಕಗಳ ಬಳಿಕ 2014 ಮತ್ತು 2019ರಲ್ಲಿ ಪೂರ್ಣ ಬಹುಮತದೊಂದಿಗೆ ಅಧಿಕಾರಕ್ಕೆ ಬಂದ ಮೊದಲ ಕಾಂಗ್ರೆಸ್ಸೇತರ ನಾಯಕ ಅವರು. ಕಳೆದ 100 ದಿನಗಳಲ್ಲಿ ಸಂವಿಧಾನದ 370ನೇ ವಿಧಿಯನ್ನು ರದ್ದುಗೊಳಿಸಿ ಜಮ್ಮು ಮತ್ತು ಕಾಶ್ಮೀರವನ್ನು ದೇಶದ ಮುಖ್ಯವಾಹಿನಿಗೆ ತರುವ ನಿರ್ಧಾರ ಕೈಗೊಂಡರು. ತ್ರಿವಳಿ ತಲಾಖ್ ನಿಷೇಧ ಕಾಯ್ದೆ ಜಾರಿಗೆ ಬಂತು. ಬ್ಯಾಂಕುಗಳ ವಿಲೀನ, ಆರ್ಥಿಕ ಸುಧಾರಣೆ ಹಾಗೂ ರೈತರಿಗೆ ಪಿಂಚಣಿ ಯೋಜನೆಗಳನ್ನು ಘೋಷಿಸಲಾಯಿತು. ಮೋದಿಯವರ ನಾಯಕತ್ವದಲ್ಲಿ ದೇಶ ಹೊಸ ದಿಕ್ಕಿನತ್ತ ಸಾಗುತ್ತಿದೆ ಎಂಬ ಅಭಿಪ್ರಾಯ ಜನರಲ್ಲಿ ಮೂಡಿದೆ. ವಿರೋಧ ಪಕ್ಷಗಳು ಟೀಕೆ ಮಾಡುತ್ತಿದ್ದರೂ ಜನರ ವಿಶ್ವಾಸ ಇನ್ನೂ ಅಚಲವಾಗಿದೆ.

ಚಂದ್ರಯಾನ-2 ಯೋಜನೆಯ ವಿಕ್ರಮ್ ಲ್ಯಾಂಡರ್ ಚಂದ್ರನ ಮೇಲ್ಮೈಯಿಂದ ಕೇವಲ 2.1 ಕಿ.ಮೀ. ದೂರದಲ್ಲಿ ಸಂಪರ್ಕ ಕಳೆದುಕೊಂಡಾಗ ಇಡೀ ದೇಶ ನಿರಾಸೆಗೊಂಡಿತ್ತು. ಆ ಕ್ಷಣದಲ್ಲಿ ಬೆಂಗಳೂರಿನ ಇಸ್ರೋ ಕೇಂದ್ರದಲ್ಲಿದ್ದ ಪ್ರಧಾನಿ ಮೋದಿಯವರು ವಿಜ್ಞಾನಿಗಳನ್ನು ಹುರಿದುಂಬಿಸಿದರು. ಇಸ್ರೋ ಅಧ್ಯಕ್ಷ ಕೆ.ಶಿವನ್ ಅವರನ್ನು ಅಪ್ಪಿಕೊಂಡು ಸಾಂತ್ವನ ಹೇಳಿದ ದೃಶ್ಯ ಕೋಟ್ಯಂತರ ಭಾರತೀಯರ ಮನ ಮುಟ್ಟಿತು. ವಿಜ್ಞಾನಿಗಳ ಉತ್ಸಾಹ ಇಮ್ಮಡಿಯಾಯಿತು. ಇಡೀ ದೇಶ ಒಗ್ಗೂಡಿ ಇಸ್ರೋ ಬೆನ್ನಿಗೆ ನಿಂತಿತು. ಸೋಲನ್ನು ಗೆಲುವಿನ ಮೆಟ್ಟಿಲು ಎಂದು ಪರಿಗಣಿಸುವ ಮನೋಭಾವವನ್ನು ಪ್ರಧಾನಿ ಜಾಗೃತಗೊಳಿಸಿದರು.

ಹಿಂದೆಗೆ ಹೋಗಿ ನೋಡಿದರೆ ಸರ್ಕಾರದ ಸ್ಥಿರತೆಯನ್ನು ಪ್ರಶ್ನಿಸಲು ಯಾವುದೇ ಕಾರಣವಿಲ್ಲ. ಆರ್ಥಿಕ ಹಿಂಜರಿತದ ಸವಾಲು ಎದುರಾಗಿದ್ದರೂ ಸರ್ಕಾರ ಸುಧಾರಣಾ ಕ್ರಮಗಳನ್ನು ಕೈಗೊಂಡಿದೆ. ಹಿಂದಿನ ಸರ್ಕಾರಗಳ ಕಾಲದಲ್ಲಿ ಸಾಧ್ಯವಾಗದ ಅನೇಕ ಕೆಲಸಗಳನ್ನು ಮೋದಿ ಸರ್ಕಾರ ಸಾಧಿಸಿ ತೋರಿಸಿದೆ. ಭ್ರಷ್ಟಾಚಾರ ನಿಯಂತ್ರಣ, ಡಿಜಿಟಲ್ ಇಂಡಿಯಾ, ಉಜ್ವಲ ಯೋಜನೆ, ಆಯುಷ್ಮಾನ್ ಭಾರತ ಇವೆಲ್ಲವೂ ಜನರ ಬದುಕಿನಲ್ಲಿ ಬದಲಾವಣೆ ತಂದಿವೆ. ಇತಿಹಾಸದಲ್ಲಿ ಕೆಲವೇ ಕೆಲವು ನಾಯಕರನ್ನು 'ಗ್ರೇಟ್' ಎಂದು ಕರೆಯಲಾಗಿದೆ. ಅಶೋಕ ದಿ ಗ್ರೇಟ್, ಅಲೆಕ್ಸಾಂಡರ್ ದಿ ಗ್ರೇಟ್, ಅಕ್ಬರ್ ದಿ ಗ್ರೇಟ್. ಈ ಪಟ್ಟಿಗೆ ಇನ್ನೊಂದು ಹೆಸರನ್ನು ಸೇರಿಸಬಹುದೇ? ಮೋದಿ ದಿ ಗ್ರೇಟ್!

ನರೇಂದ್ರ ಮೋದಿಯವರು ಭಾರತದ ಪ್ರಧಾನಮಂತ್ರಿಯಾಗಿ ತಮ್ಮ ಎರಡನೇ ಅವಧಿಯ 100 ದಿನಗಳನ್ನು ಸೆ. 8ರಂದು ಪೂರೈಸಿದರು. 1947ರಲ್ಲಿ ಸ್ವಾತಂತ್ರ್ಯ ದೊರೆತ ನಂತರದ ದಶಕಗಳ ಬಳಿಕ 2014 ಮತ್ತು 2019ರಲ್ಲಿ ಪೂರ್ಣ ಬಹುಮತದೊಂದಿಗೆ ಅಧಿಕಾರಕ್ಕೆ ಬಂದ ಮೊದಲ ಕಾಂಗ್ರೆಸ್ಸೇತರ ನಾಯಕ ಅವರು. ಕಳೆದ 100 ದಿನಗಳಲ್ಲಿ ಸಂವಿಧಾನದ 370ನೇ ವಿಧಿಯನ್ನು ರದ್ದುಗೊಳಿಸಿ ಜಮ್ಮು ಮತ್ತು ಕಾಶ್ಮೀರವನ್ನು ದೇಶದ ಮುಖ್ಯವಾಹಿನಿಗೆ ತರುವ ನಿರ್ಧಾರ ಕೈಗೊಂಡರು. ತ್ರಿವಳಿ ತಲಾಖ್ ನಿಷೇಧ ಕಾಯ್ದೆ ಜಾರಿಗೆ ಬಂತು. ಬ್ಯಾಂಕುಗಳ ವಿಲೀನ, ಆರ್ಥಿಕ ಸುಧಾರಣೆ ಹಾಗೂ ರೈತರಿಗೆ ಪಿಂಚಣಿ ಯೋಜನೆಗಳನ್ನು ಘೋಷಿಸಲಾಯಿತು. ಮೋದಿಯವರ ನಾಯಕತ್ವದಲ್ಲಿ ದೇಶ ಹೊಸ ದಿಕ್ಕಿನತ್ತ ಸಾಗುತ್ತಿದೆ ಎಂಬ ಅಭಿಪ್ರಾಯ ಜನರಲ್ಲಿ ಮೂಡಿದೆ. ವಿರೋಧ ಪಕ್ಷಗಳು ಟೀಕೆ ಮಾಡುತ್ತಿದ್ದರೂ ಜನರ ವಿಶ್ವಾಸ ಇನ್ನೂ ಅಚಲವಾಗಿದೆ.

ಚಂದ್ರಯಾನ-2 ಯೋಜನೆಯ ವಿಕ್ರಮ್ ಲ್ಯಾಂಡರ್ ಚಂದ್ರನ ಮೇಲ್ಮೈಯಿಂದ ಕೇವಲ 2.1 ಕಿ.ಮೀ. ದೂರದಲ್ಲಿ ಸಂಪರ್ಕ ಕಳೆದುಕೊಂಡಾಗ ಇಡೀ ದೇಶ ನಿರಾಸೆಗೊಂಡಿತ್ತು. ಆ ಕ್ಷಣದಲ್ಲಿ ಬೆಂಗಳೂರಿನ ಇಸ್ರೋ ಕೇಂದ್ರದಲ್ಲಿದ್ದ ಪ್ರಧಾನಿ ಮೋದಿಯವರು ವಿಜ್ಞಾನಿಗಳನ್ನು ಹುರಿದುಂಬಿಸಿದರು. ಇಸ್ರೋ ಅಧ್ಯಕ್ಷ ಕೆ.ಶಿವನ್ ಅವರನ್ನು ಅಪ್ಪಿಕೊಂಡು ಸಾಂತ್ವನ ಹೇಳಿದ ದೃಶ್ಯ ಕೋಟ್ಯಂತರ ಭಾರತೀಯರ ಮನ ಮುಟ್ಟಿತು. ವಿಜ್ಞಾನಿಗಳ ಉತ್ಸಾಹ ಇಮ್ಮಡಿಯಾಯಿತು. ಇಡೀ ದೇಶ ಒಗ್ಗೂಡಿ ಇಸ್ರೋ ಬೆನ್ನಿಗೆ ನಿಂತಿತು. ಸೋಲನ್ನು ಗೆಲುವಿನ ಮೆಟ್ಟಿಲು ಎಂದು ಪರಿಗಣಿಸುವ ಮನೋಭಾವವನ್ನು ಪ್ರಧಾನಿ ಜಾಗೃತಗೊಳಿಸಿದರು.

ಜಮ್ಮು ಮತ್ತು ಕಾಶ್ಮೀರದ ಸಮಸ್ಯೆಯನ್ನು ಪರಿಹರಿಸಲು ಕೈಗೊಂಡ ದಿಟ್ಟ ಕ್ರಮ ಜಗತ್ತಿನ ಗಮನ ಸೆಳೆಯಿತು. ಪಾಕಿಸ್ತಾನ ಅಂತರರಾಷ್ಟ್ರೀಯ ವೇದಿಕೆಗಳಲ್ಲಿ ಗೊಂದಲ ಸೃಷ್ಟಿಸಲು ಯತ್ನಿಸಿದರೂ ಭಾರತದ ರಾಜತಾಂತ್ರಿಕ ನಡೆ ಯಶಸ್ವಿಯಾಯಿತು. ಅಮೆರಿಕದ ಹ್ಯೂಸ್ಟನ್ ನಗರದಲ್ಲಿ 'ಹೌಡಿ ಮೋದಿ' ಕಾರ್ಯಕ್ರಮಕ್ಕೆ ಸಿದ್ಧತೆ ನಡೆದಿದೆ. ಜಲಶಕ್ತಿ ಸಚಿವಾಲಯ ರಚನೆ, ಪ್ಲಾಸ್ಟಿಕ್ ಮುಕ್ತ ಭಾರತ ಅಭಿಯಾನ, ಸ್ವಚ್ಛ ಭಾರತ ಯೋಜನೆಯ ಮುಂದುವರಿಕೆ ಇವೆಲ್ಲವೂ ಸರ್ಕಾರದ ಆದ್ಯತೆಗಳಾಗಿವೆ.

ಹಿಂದೆಗೆ ಹೋಗಿ ನೋಡಿದರೆ ಸರ್ಕಾರದ ಸ್ಥಿರತೆಯನ್ನು ಪ್ರಶ್ನಿಸಲು ಯಾವುದೇ ಕಾರಣವಿಲ್ಲ. ಆರ್ಥಿಕ ಹಿಂಜರಿತದ ಸವಾಲು ಎದುರಾಗಿದ್ದರೂ ಸರ್ಕಾರ ಸುಧಾರಣಾ ಕ್ರಮಗಳನ್ನು ಕೈಗೊಂಡಿದೆ. ಹಿಂದಿನ ಸರ್ಕಾರಗಳ ಕಾಲದಲ್ಲಿ ಸಾಧ್ಯವಾಗದ ಅನೇಕ ಕೆಲಸಗಳನ್ನು ಮೋದಿ ಸರ್ಕಾರ ಸಾಧಿಸಿ ತೋರಿಸಿದೆ. ಭ್ರಷ್ಟಾಚಾರ ನಿಯಂತ್ರಣ, ಡಿಜಿಟಲ್ ಇಂಡಿಯಾ, ಉಜ್ವಲ ಯೋಜನೆ, ಆಯುಷ್ಮಾನ್ ಭಾರತ ಇವೆಲ್ಲವೂ ಜನರ ಬದುಕಿನಲ್ಲಿ ಬದಲಾವಣೆ ತಂದಿವೆ. ಇತಿಹಾಸದಲ್ಲಿ ಕೆಲವೇ ಕೆಲವು ನಾಯಕರನ್ನು 'ಗ್ರೇಟ್' ಎಂದು ಕರೆಯಲಾಗಿದೆ. ಅಶೋಕ ದಿ ಗ್ರೇಟ್, ಅಲೆಕ್ಸಾಂಡರ್ ದಿ ಗ್ರೇಟ್, ಅಕ್ಬರ್ ದಿ ಗ್ರೇಟ್. ಈ ಪಟ್ಟಿಗೆ ಇನ್ನೊಂದು ಹೆಸರನ್ನು ಸೇರಿಸಬಹುದೇ? ಮೋದಿ ದಿ ಗ್ರೇಟ್!

("This one act of Modi set me thinking as to why in the annals of history only a few are called great leaders with the word Great as a suffix to their names. Like Ashoka the Great, Alexander the Great, Akbar the Great and may I add to this illustrious list of leaders one more name? Modi the Great") ಜೈ ಹಿಂದ್
E-mail: kbg@
starofmysore.com
(ಇಂಗ್ಲಿಷ್ ಲೇಖನದ ಕನ್ನಡ ಅನುವಾದ)
Printed by T.S. Gopinath, Published by M. Govinde Gowda on behalf of Academy Newspapers Private Limited, 15-C Industrial 'A' Layout, Bannimantap, Mysore-570 015 and Printed at Academy Newspapers Private Limited, 15-C Industrial 'A' Layout, Bannimantap, Mysore-570 015 and Published at 15-C Industrial 'A' Layout, Bannimantap, Mysore-570 015, Editor: M. Govinde Gowda Ph: 2496520 / 2496521 / 2496526 / 2496527 / 2496528. Fax: 0821-2496535. CITY OFFICES: Vin-rounreva Building, III Floor, K.R. CIRCLE, MYSORE-570 001, Ph: 2431774 and No. 114, D. DEVARAJ URS ROAD (Opposite Big Bus), MYSORE-570 001. Ph: 2428695. RNI Reg. No. 36581 / 1980 E-mail address: news@mysurumithra.com For advertisements: ad@mysurumithra.com
